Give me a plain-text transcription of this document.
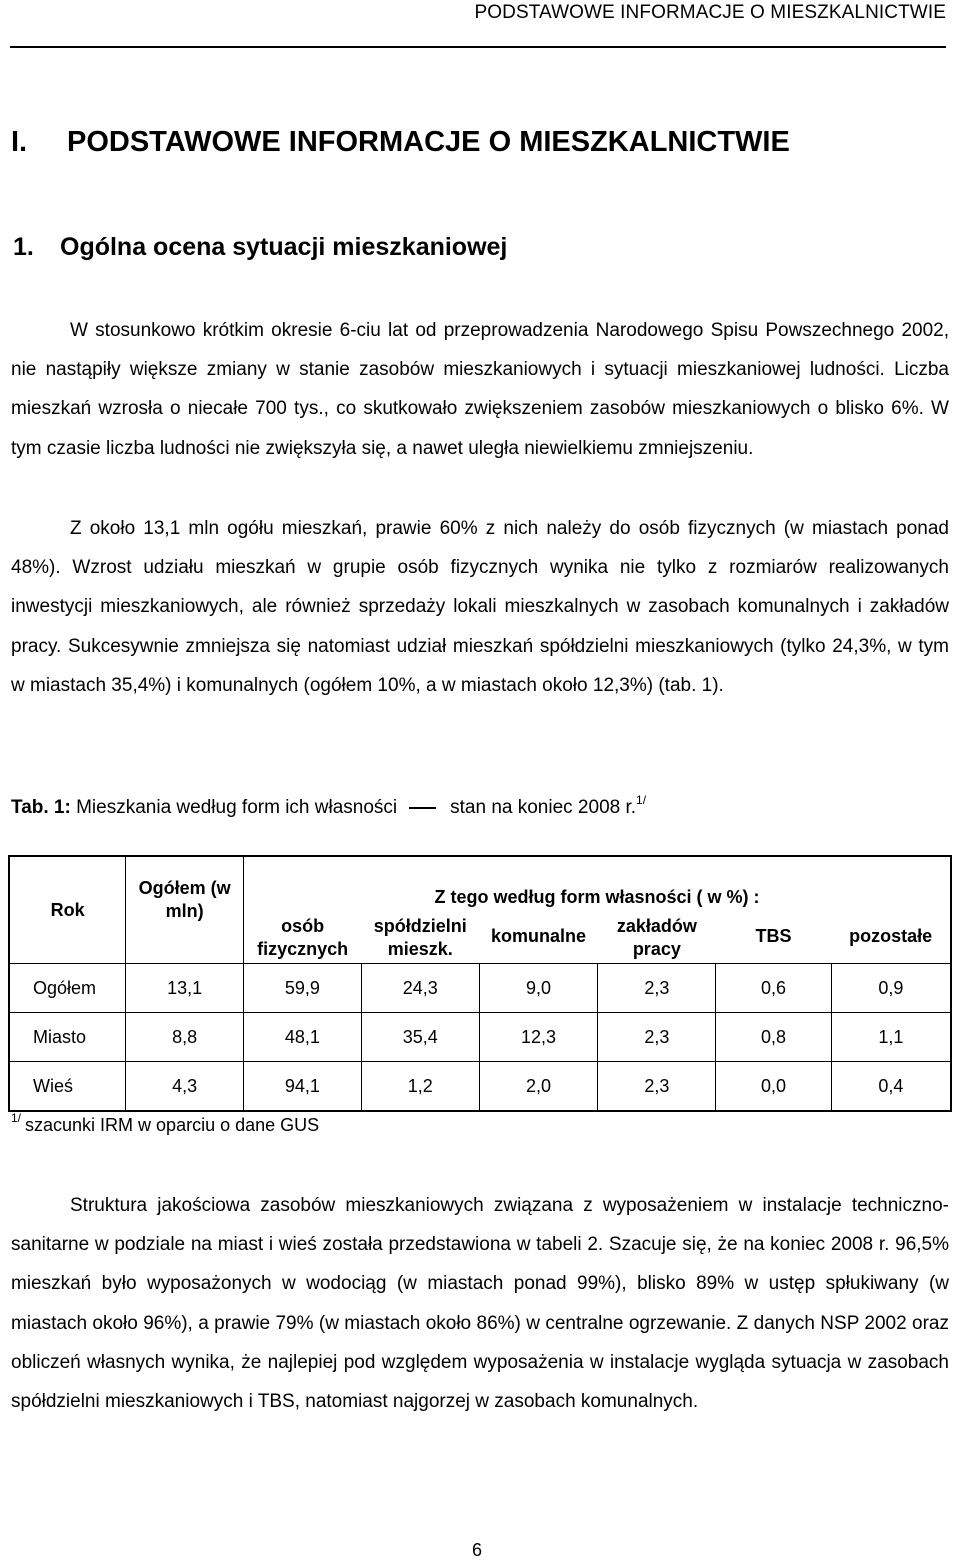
PODSTAWOWE INFORMACJE O MIESZKALNICTWIE
I. PODSTAWOWE INFORMACJE O MIESZKALNICTWIE
1. Ogólna ocena sytuacji mieszkaniowej

W stosunkowo krótkim okresie 6-ciu lat od przeprowadzenia Narodowego Spisu Powszechnego 2002, nie nastąpiły większe zmiany w stanie zasobów mieszkaniowych i sytuacji mieszkaniowej ludności. Liczba mieszkań wzrosła o niecałe 700 tys., co skutkowało zwiększeniem zasobów mieszkaniowych o blisko 6%. W tym czasie liczba ludności nie zwiększyła się, a nawet uległa niewielkiemu zmniejszeniu.

Z około 13,1 mln ogółu mieszkań, prawie 60% z nich należy do osób fizycznych (w miastach ponad 48%). Wzrost udziału mieszkań w grupie osób fizycznych wynika nie tylko z rozmiarów realizowanych inwestycji mieszkaniowych, ale również sprzedaży lokali mieszkalnych w zasobach komunalnych i zakładów pracy. Sukcesywnie zmniejsza się natomiast udział mieszkań spółdzielni mieszkaniowych (tylko 24,3%, w tym w miastach 35,4%) i komunalnych (ogółem 10%, a w miastach około 12,3%) (tab. 1).

Tab. 1: Mieszkania według form ich własności	stan na koniec 2008 r.$^{1/}$
Rok	Ogółem (w mln)	Z tego według form własności ( w %) :					
		osób fizycznych	spółdzielni mieszk.	komunalne	zakładów pracy	TBS	pozostałe
Ogółem	13,1	59,9	24,3	9,0	2,3	0,6	0,9
Miasto	8,8	48,1	35,4	12,3	2,3	0,8	1,1
Wieś	4,3	94,1	1,2	2,0	2,3	0,0	0,4
$^{1/}$ szacunki IRM w oparciu o dane GUS

Struktura jakościowa zasobów mieszkaniowych związana z wyposażeniem w instalacje techniczno-sanitarne w podziale na miast i wieś została przedstawiona w tabeli 2. Szacuje się, że na koniec 2008 r. 96,5% mieszkań było wyposażonych w wodociąg (w miastach ponad 99%), blisko 89% w ustęp spłukiwany (w miastach około 96%), a prawie 79% (w miastach około 86%) w centralne ogrzewanie. Z danych NSP 2002 oraz obliczeń własnych wynika, że najlepiej pod względem wyposażenia w instalacje wygląda sytuacja w zasobach spółdzielni mieszkaniowych i TBS, natomiast najgorzej w zasobach komunalnych.

6
